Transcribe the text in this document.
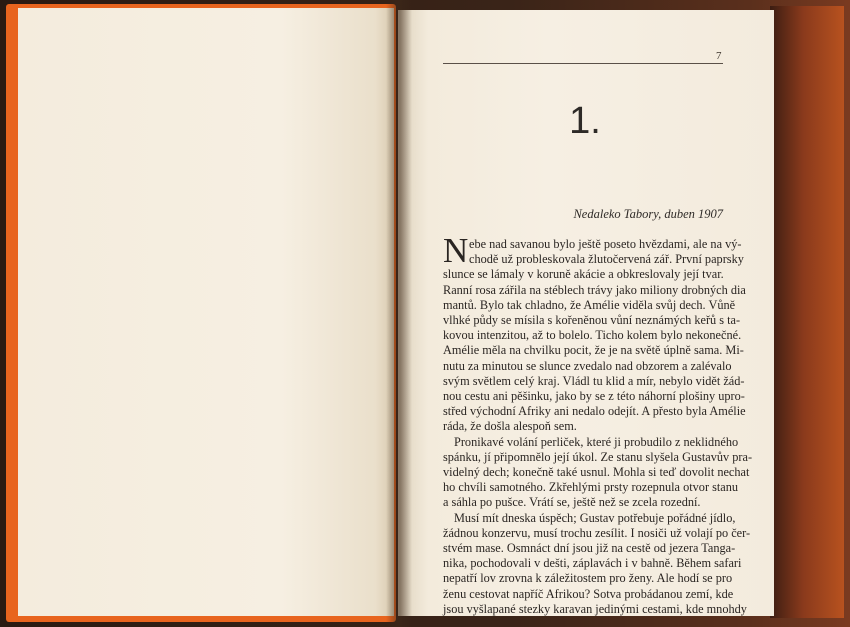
7
1.
Nedaleko Tabory, duben 1907
N ebe nad savanou bylo ještě poseto hvězdami, ale na vý-
chodě už probleskovala žlutočervená zář. První paprsky
slunce se lámaly v koruně akácie a obkreslovaly její tvar.
Ranní rosa zářila na stéblech trávy jako miliony drobných dia
mantů. Bylo tak chladno, že Amélie viděla svůj dech. Vůně
vlhké půdy se mísila s kořeněnou vůní neznámých keřů s ta-
kovou intenzitou, až to bolelo. Ticho kolem bylo nekonečné.
Amélie měla na chvilku pocit, že je na světě úplně sama. Mi-
nutu za minutou se slunce zvedalo nad obzorem a zalévalo
svým světlem celý kraj. Vládl tu klid a mír, nebylo vidět žád-
nou cestu ani pěšinku, jako by se z této náhorní plošiny upro-
střed východní Afriky ani nedalo odejít. A přesto byla Amélie
ráda, že došla alespoň sem.
Pronikavé volání perliček, které ji probudilo z neklidného
spánku, jí připomnělo její úkol. Ze stanu slyšela Gustavův pra-
videlný dech; konečně také usnul. Mohla si teď dovolit nechat
ho chvíli samotného. Zkřehlými prsty rozepnula otvor stanu
a sáhla po pušce. Vrátí se, ještě než se zcela rozední.
Musí mít dneska úspěch; Gustav potřebuje pořádné jídlo,
žádnou konzervu, musí trochu zesílit. I nosiči už volají po čer-
stvém mase. Osmnáct dní jsou již na cestě od jezera Tanga-
nika, pochodovali v dešti, záplavách i v bahně. Během safari
nepatří lov zrovna k záležitostem pro ženy. Ale hodí se pro
ženu cestovat napříč Afrikou? Sotva probádanou zemí, kde
jsou vyšlapané stezky karavan jedinými cestami, kde mnohdy
